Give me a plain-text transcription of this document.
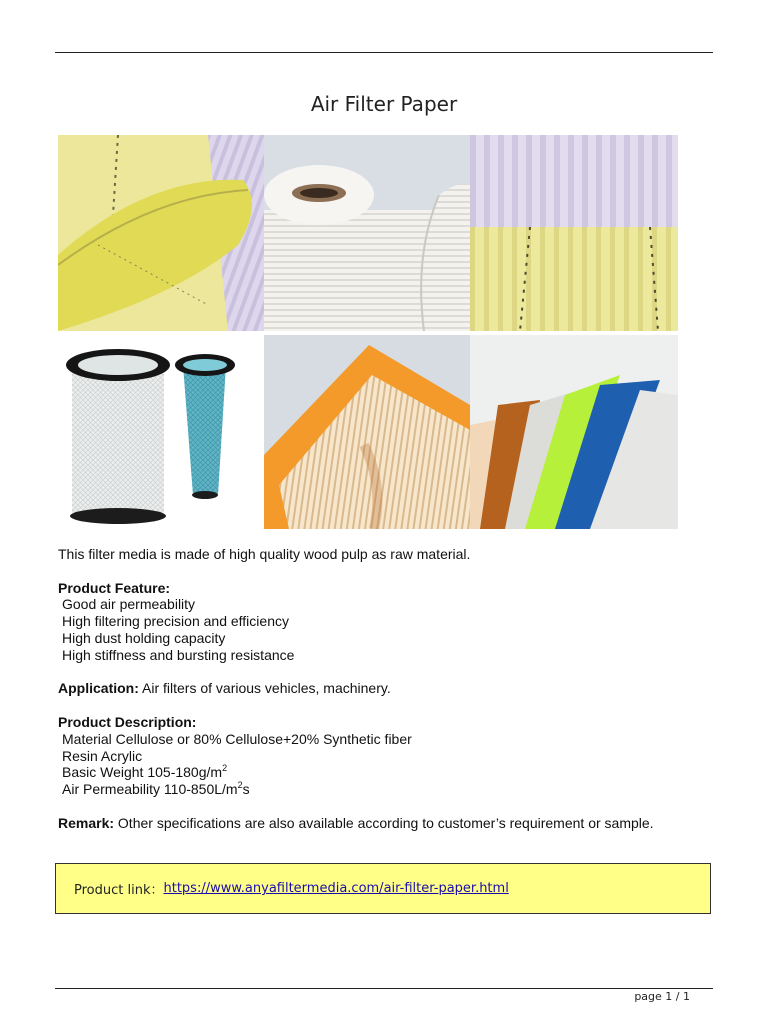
Air Filter Paper

This filter media is made of high quality wood pulp as raw material.

Product Feature:

Good air permeability

High filtering precision and efficiency

High dust holding capacity

High stiffness and bursting resistance

Application: Air filters of various vehicles, machinery.

Product Description:

Material Cellulose or 80% Cellulose+20% Synthetic fiber

Resin Acrylic

Basic Weight $105-180g/m^2$

Air Permeability $110-850L/m^2s$

Remark: Other specifications are also available according to customer’s requirement or sample.

Product link： https://www.anyafiltermedia.com/air-filter-paper.html
page 1 / 1
